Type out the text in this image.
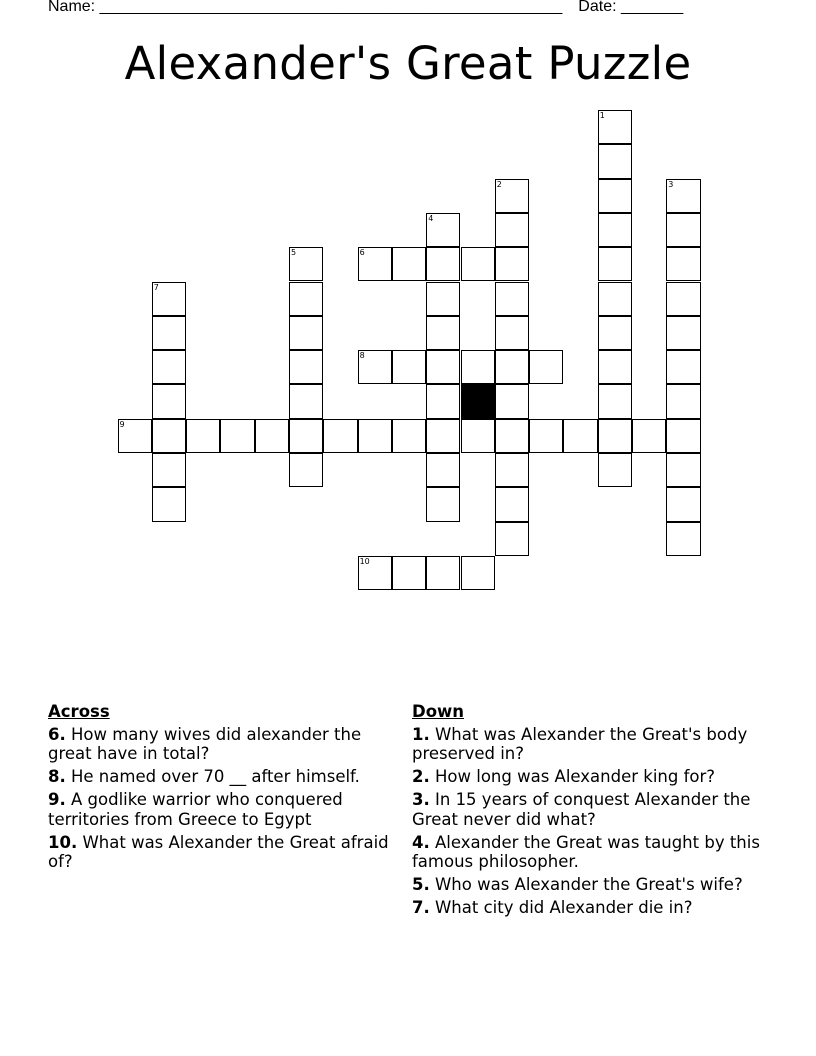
Name: ____________________________________________________ Date: _______
Alexander's Great Puzzle
1
2	3
4
5	6
7
8
9
10
Across
6. How many wives did alexander the great have in total?
8. He named over 70 __ after himself.
9. A godlike warrior who conquered territories from Greece to Egypt
10. What was Alexander the Great afraid of?
Down
1. What was Alexander the Great's body preserved in?
2. How long was Alexander king for?
3. In 15 years of conquest Alexander the Great never did what?
4. Alexander the Great was taught by this famous philosopher.
5. Who was Alexander the Great's wife?
7. What city did Alexander die in?
